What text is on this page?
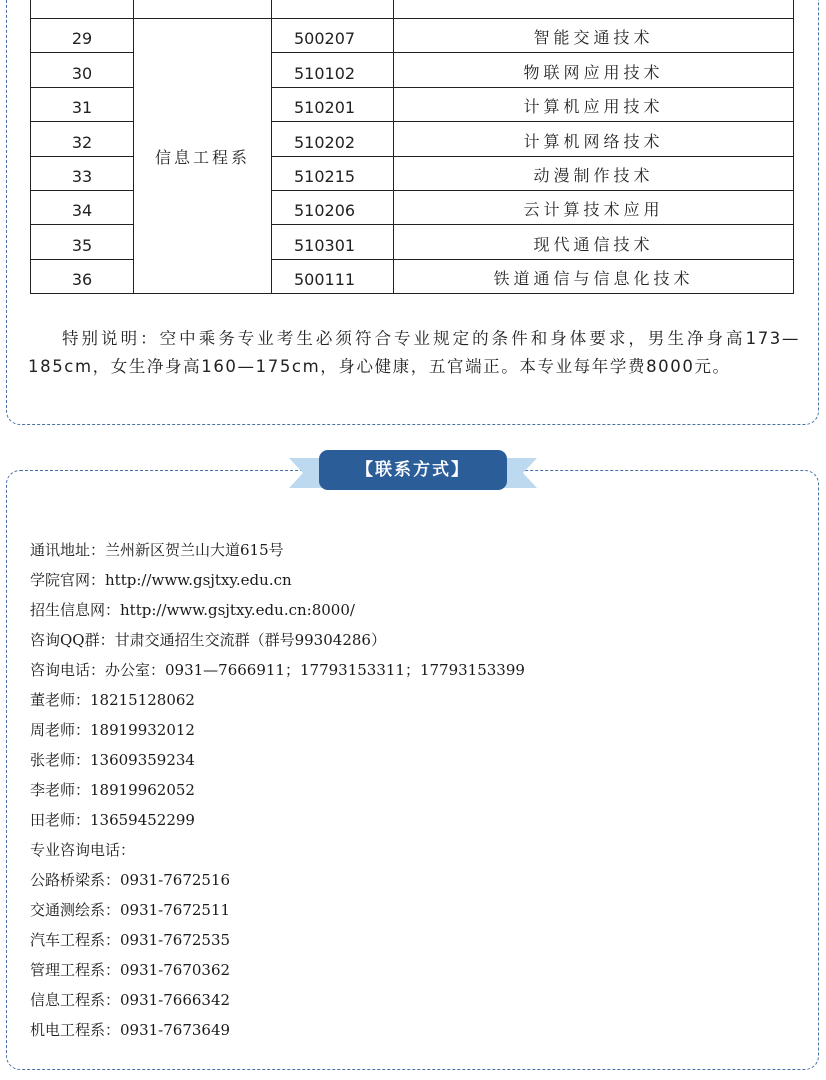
29	信息工程系	500207	智能交通技术
30		510102	物联网应用技术
31		510201	计算机应用技术
32		510202	计算机网络技术
33		510215	动漫制作技术
34		510206	云计算技术应用
35		510301	现代通信技术
36		500111	铁道通信与信息化技术

特别说明：空中乘务专业考生必须符合专业规定的条件和身体要求，男生净身高173—185cm，女生净身高160—175cm，身心健康，五官端正。本专业每年学费8000元。

【联系方式】
通讯地址：兰州新区贺兰山大道615号
学院官网：http://www.gsjtxy.edu.cn
招生信息网：http://www.gsjtxy.edu.cn:8000/
咨询QQ群：甘肃交通招生交流群（群号99304286）
咨询电话：办公室：0931—7666911；17793153311；17793153399
董老师：18215128062
周老师：18919932012
张老师：13609359234
李老师：18919962052
田老师：13659452299
专业咨询电话：
公路桥梁系：0931-7672516
交通测绘系：0931-7672511
汽车工程系：0931-7672535
管理工程系：0931-7670362
信息工程系：0931-7666342
机电工程系：0931-7673649
